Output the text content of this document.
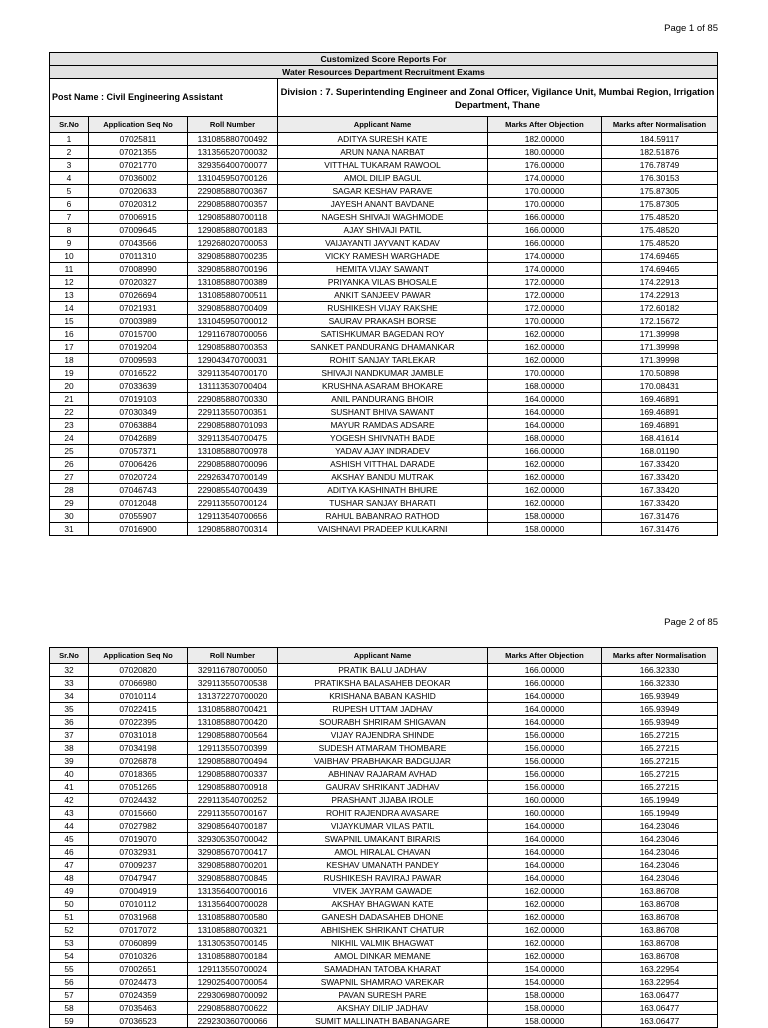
Page 1 of 85
Customized Score Reports For					
Water Resources Department Recruitment Exams					
Post Name : Civil Engineering Assistant			Division : 7. Superintending Engineer and Zonal Officer, Vigilance Unit, Mumbai Region, Irrigation Department, Thane		
Sr.No	Application Seq No	Roll Number	Applicant Name	Marks After Objection	Marks after Normalisation
1	07025811	131085880700492	ADITYA SURESH KATE	182.00000	184.59117
2	07021355	131356520700032	ARUN NANA NARBAT	180.00000	182.51876
3	07021770	329356400700077	VITTHAL TUKARAM RAWOOL	176.00000	176.78749
4	07036002	131045950700126	AMOL DILIP BAGUL	174.00000	176.30153
5	07020633	229085880700367	SAGAR KESHAV PARAVE	170.00000	175.87305
6	07020312	229085880700357	JAYESH ANANT BAVDANE	170.00000	175.87305
7	07006915	129085880700118	NAGESH SHIVAJI WAGHMODE	166.00000	175.48520
8	07009645	129085880700183	AJAY SHIVAJI PATIL	166.00000	175.48520
9	07043566	129268020700053	VAIJAYANTI JAYVANT KADAV	166.00000	175.48520
10	07011310	329085880700235	VICKY RAMESH WARGHADE	174.00000	174.69465
11	07008990	329085880700196	HEMITA VIJAY SAWANT	174.00000	174.69465
12	07020327	131085880700389	PRIYANKA VILAS BHOSALE	172.00000	174.22913
13	07026694	131085880700511	ANKIT SANJEEV PAWAR	172.00000	174.22913
14	07021931	329085880700409	RUSHIKESH VIJAY RAKSHE	172.00000	172.60182
15	07003989	131045950700012	SAURAV PRAKASH BORSE	170.00000	172.15672
16	07015700	129116780700056	SATISHKUMAR BAGEDAN ROY	162.00000	171.39998
17	07019204	129085880700353	SANKET PANDURANG DHAMANKAR	162.00000	171.39998
18	07009593	129043470700031	ROHIT SANJAY TARLEKAR	162.00000	171.39998
19	07016522	329113540700170	SHIVAJI NANDKUMAR JAMBLE	170.00000	170.50898
20	07033639	131113530700404	KRUSHNA ASARAM BHOKARE	168.00000	170.08431
21	07019103	229085880700330	ANIL PANDURANG BHOIR	164.00000	169.46891
22	07030349	229113550700351	SUSHANT BHIVA SAWANT	164.00000	169.46891
23	07063884	229085880701093	MAYUR RAMDAS ADSARE	164.00000	169.46891
24	07042689	329113540700475	YOGESH SHIVNATH BADE	168.00000	168.41614
25	07057371	131085880700978	YADAV AJAY INDRADEV	166.00000	168.01190
26	07006426	229085880700096	ASHISH VITTHAL DARADE	162.00000	167.33420
27	07020724	229263470700149	AKSHAY BANDU MUTRAK	162.00000	167.33420
28	07046743	229085540700439	ADITYA KASHINATH BHURE	162.00000	167.33420
29	07012048	229113550700124	TUSHAR SANJAY BHARATI	162.00000	167.33420
30	07055907	129113540700656	RAHUL BABANRAO RATHOD	158.00000	167.31476
31	07016900	129085880700314	VAISHNAVI PRADEEP KULKARNI	158.00000	167.31476
Page 2 of 85
Sr.No	Application Seq No	Roll Number	Applicant Name	Marks After Objection	Marks after Normalisation
32	07020820	329116780700050	PRATIK BALU JADHAV	166.00000	166.32330
33	07066980	329113550700538	PRATIKSHA BALASAHEB DEOKAR	166.00000	166.32330
34	07010114	131372270700020	KRISHANA BABAN KASHID	164.00000	165.93949
35	07022415	131085880700421	RUPESH UTTAM JADHAV	164.00000	165.93949
36	07022395	131085880700420	SOURABH SHRIRAM SHIGAVAN	164.00000	165.93949
37	07031018	129085880700564	VIJAY RAJENDRA SHINDE	156.00000	165.27215
38	07034198	129113550700399	SUDESH ATMARAM THOMBARE	156.00000	165.27215
39	07026878	129085880700494	VAIBHAV PRABHAKAR BADGUJAR	156.00000	165.27215
40	07018365	129085880700337	ABHINAV RAJARAM AVHAD	156.00000	165.27215
41	07051265	129085880700918	GAURAV SHRIKANT JADHAV	156.00000	165.27215
42	07024432	229113540700252	PRASHANT JIJABA IROLE	160.00000	165.19949
43	07015660	229113550700167	ROHIT RAJENDRA AVASARE	160.00000	165.19949
44	07027982	329085640700187	VIJAYKUMAR VILAS PATIL	164.00000	164.23046
45	07019070	329305350700042	SWAPNIL UMAKANT BIRARIS	164.00000	164.23046
46	07032931	329085670700417	AMOL HIRALAL CHAVAN	164.00000	164.23046
47	07009237	329085880700201	KESHAV UMANATH PANDEY	164.00000	164.23046
48	07047947	329085880700845	RUSHIKESH RAVIRAJ PAWAR	164.00000	164.23046
49	07004919	131356400700016	VIVEK JAYRAM GAWADE	162.00000	163.86708
50	07010112	131356400700028	AKSHAY BHAGWAN KATE	162.00000	163.86708
51	07031968	131085880700580	GANESH DADASAHEB DHONE	162.00000	163.86708
52	07017072	131085880700321	ABHISHEK SHRIKANT CHATUR	162.00000	163.86708
53	07060899	131305350700145	NIKHIL VALMIK BHAGWAT	162.00000	163.86708
54	07010326	131085880700184	AMOL DINKAR MEMANE	162.00000	163.86708
55	07002651	129113550700024	SAMADHAN TATOBA KHARAT	154.00000	163.22954
56	07024473	129025400700054	SWAPNIL SHAMRAO VAREKAR	154.00000	163.22954
57	07024359	229306980700092	PAVAN SURESH PARE	158.00000	163.06477
58	07035463	229085880700622	AKSHAY DILIP JADHAV	158.00000	163.06477
59	07036523	229230360700066	SUMIT MALLINATH BABANAGARE	158.00000	163.06477
